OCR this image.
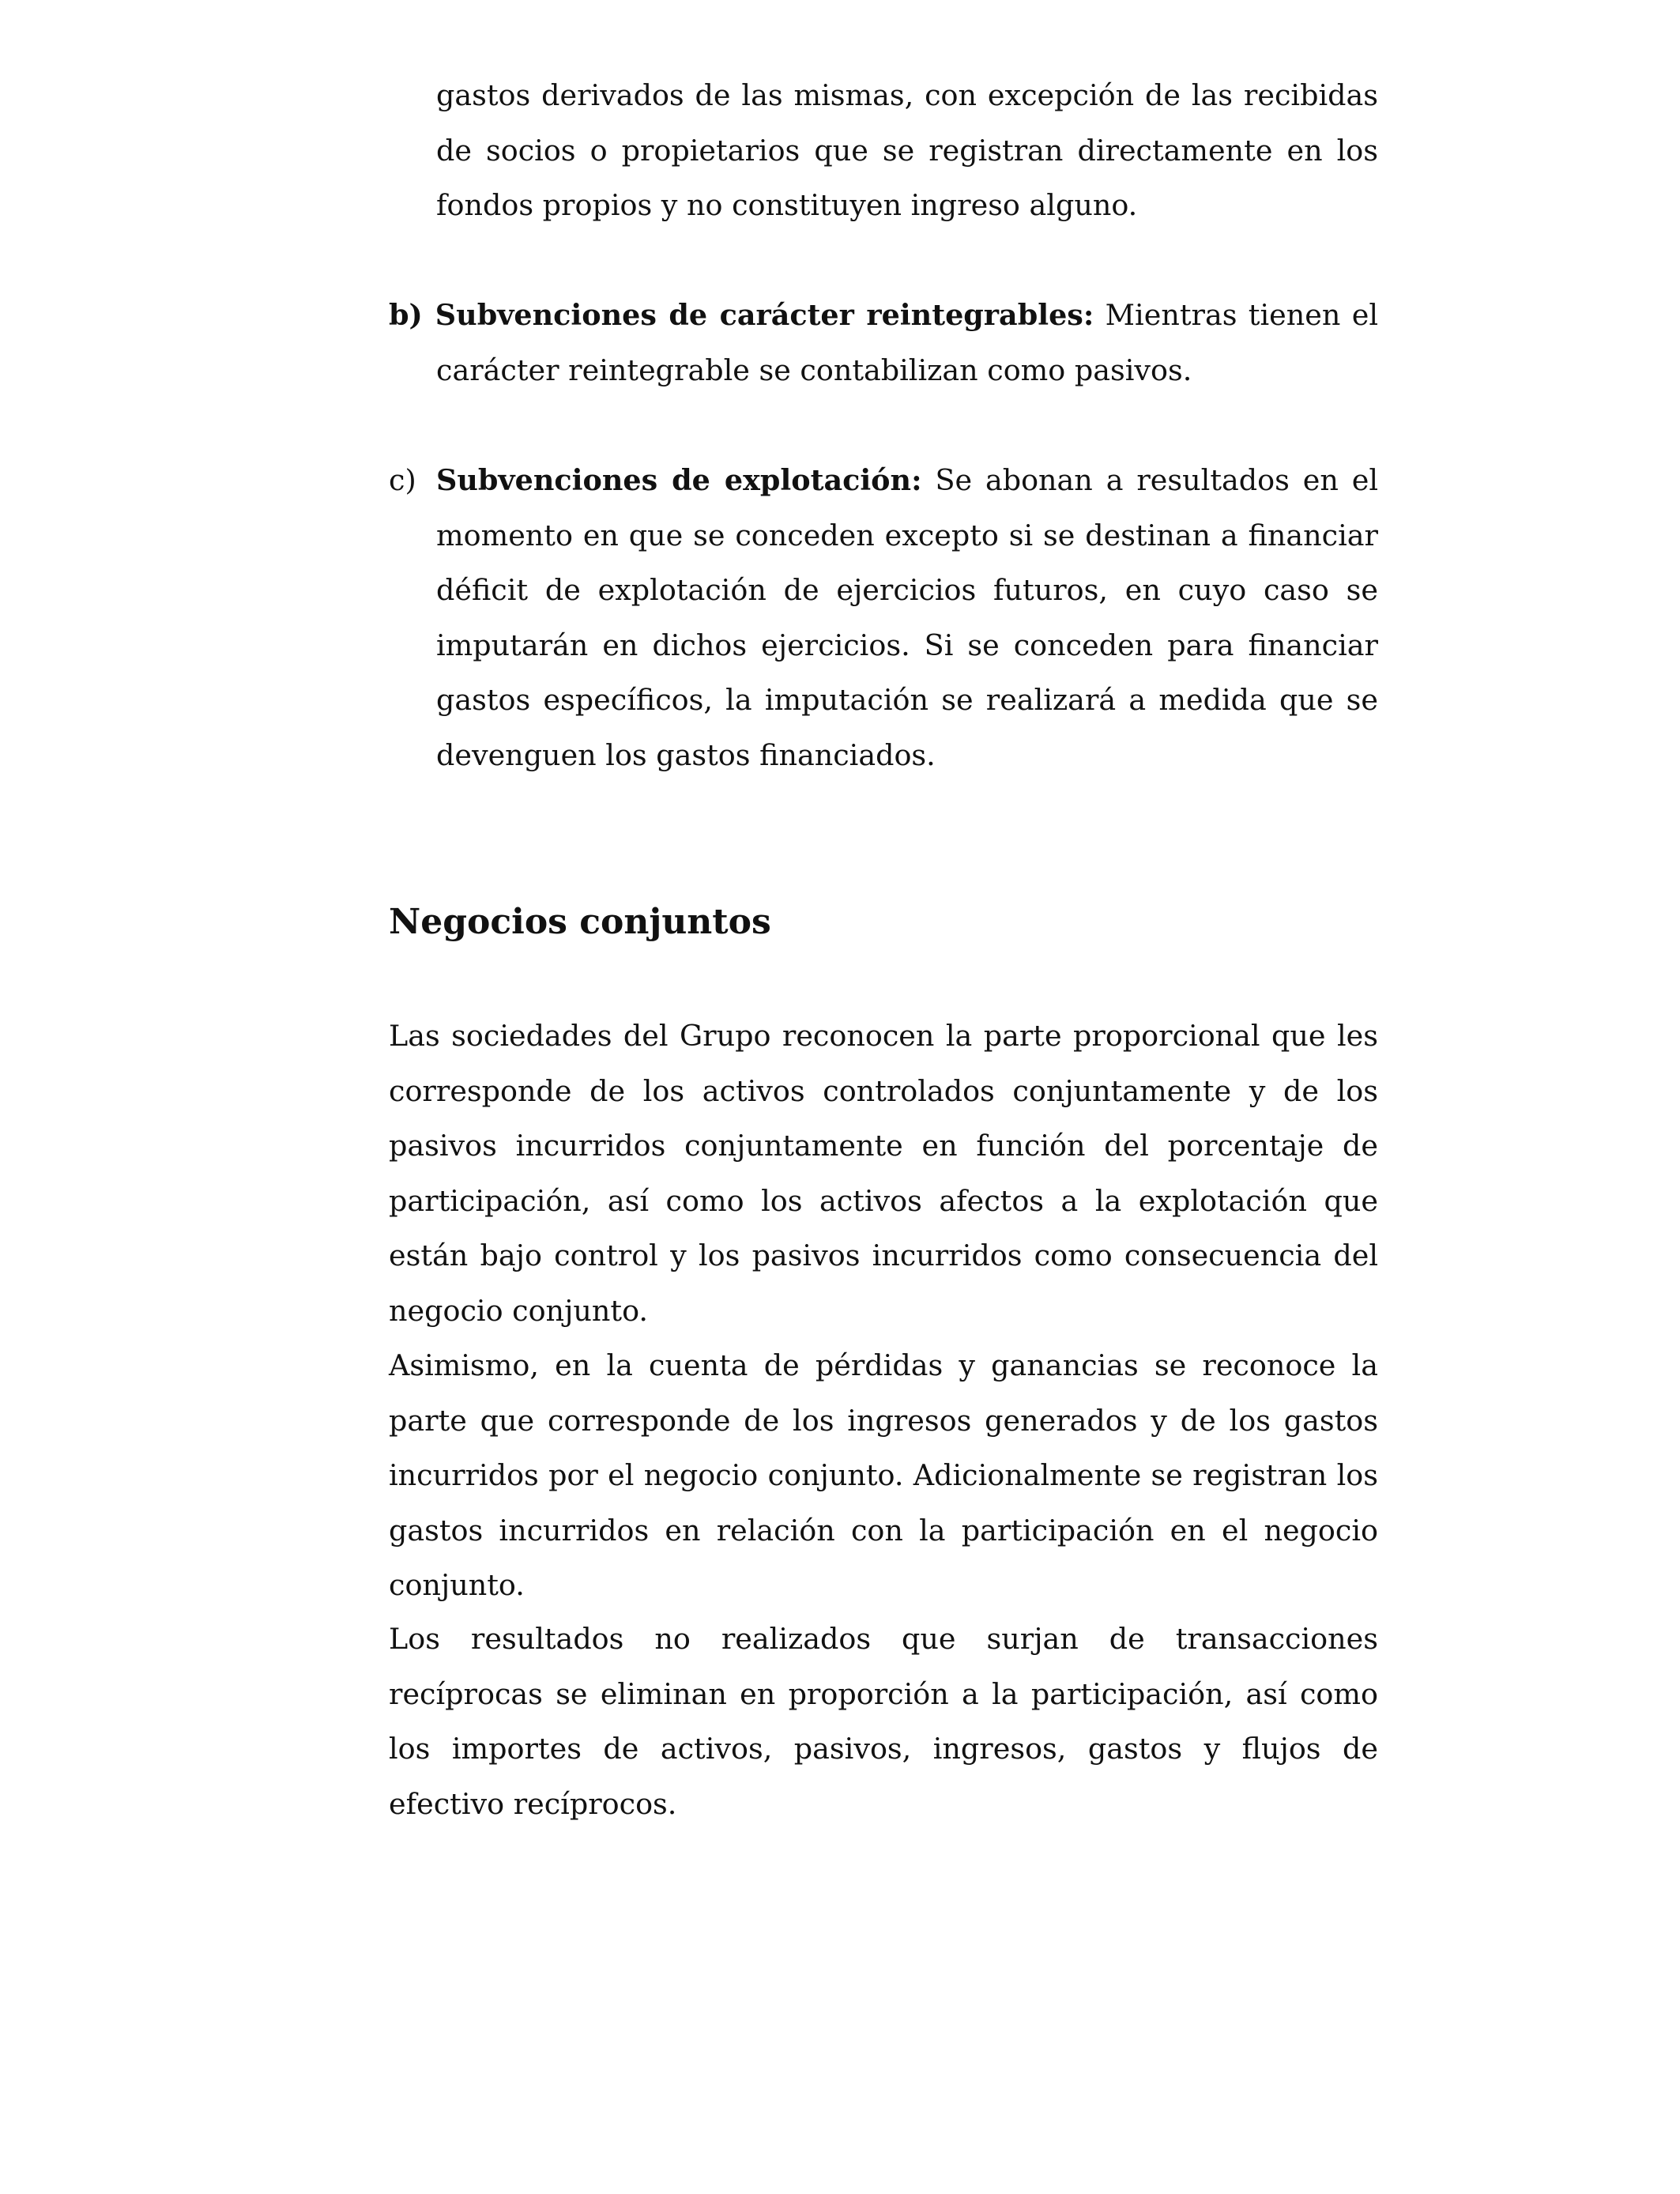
gastos derivados de las mismas, con excepción de las recibidas de socios o propietarios que se registran directamente en los fondos propios y no constituyen ingreso alguno.

b) Subvenciones de carácter reintegrables: Mientras tienen el carácter reintegrable se contabilizan como pasivos.

c) Subvenciones de explotación: Se abonan a resultados en el momento en que se conceden excepto si se destinan a financiar déficit de explotación de ejercicios futuros, en cuyo caso se imputarán en dichos ejercicios. Si se conceden para financiar gastos específicos, la imputación se realizará a medida que se devenguen los gastos financiados.

Negocios conjuntos

Las sociedades del Grupo reconocen la parte proporcional que les corresponde de los activos controlados conjuntamente y de los pasivos incurridos conjuntamente en función del porcentaje de participación, así como los activos afectos a la explotación que están bajo control y los pasivos incurridos como consecuencia del negocio conjunto.

Asimismo, en la cuenta de pérdidas y ganancias se reconoce la parte que corresponde de los ingresos generados y de los gastos incurridos por el negocio conjunto. Adicionalmente se registran los gastos incurridos en relación con la participación en el negocio conjunto.

Los resultados no realizados que surjan de transacciones recíprocas se eliminan en proporción a la participación, así como los importes de activos, pasivos, ingresos, gastos y flujos de efectivo recíprocos.
